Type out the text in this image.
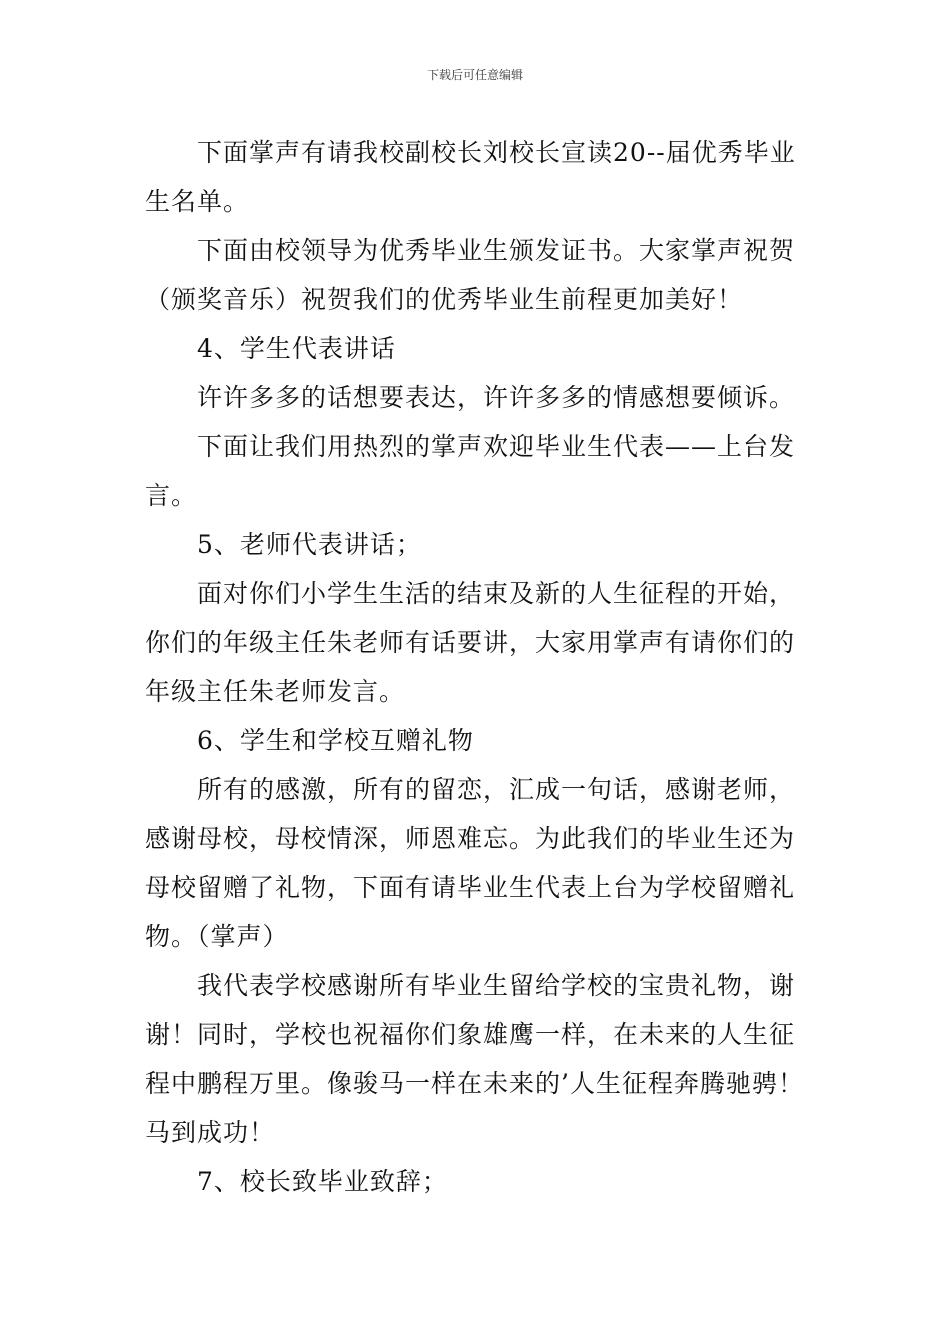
下载后可任意编辑

下面掌声有请我校副校长刘校长宣读20--届优秀毕业生名单。

下面由校领导为优秀毕业生颁发证书。大家掌声祝贺（颁奖音乐）祝贺我们的优秀毕业生前程更加美好！

4、学生代表讲话

许许多多的话想要表达，许许多多的情感想要倾诉。

下面让我们用热烈的掌声欢迎毕业生代表——上台发言。

5、老师代表讲话；

面对你们小学生生活的结束及新的人生征程的开始，你们的年级主任朱老师有话要讲，大家用掌声有请你们的年级主任朱老师发言。

6、学生和学校互赠礼物

所有的感激，所有的留恋，汇成一句话，感谢老师，感谢母校，母校情深，师恩难忘。为此我们的毕业生还为母校留赠了礼物，下面有请毕业生代表上台为学校留赠礼物。（掌声）

我代表学校感谢所有毕业生留给学校的宝贵礼物，谢谢！同时，学校也祝福你们象雄鹰一样，在未来的人生征程中鹏程万里。像骏马一样在未来的’人生征程奔腾驰骋！马到成功！

7、校长致毕业致辞；
